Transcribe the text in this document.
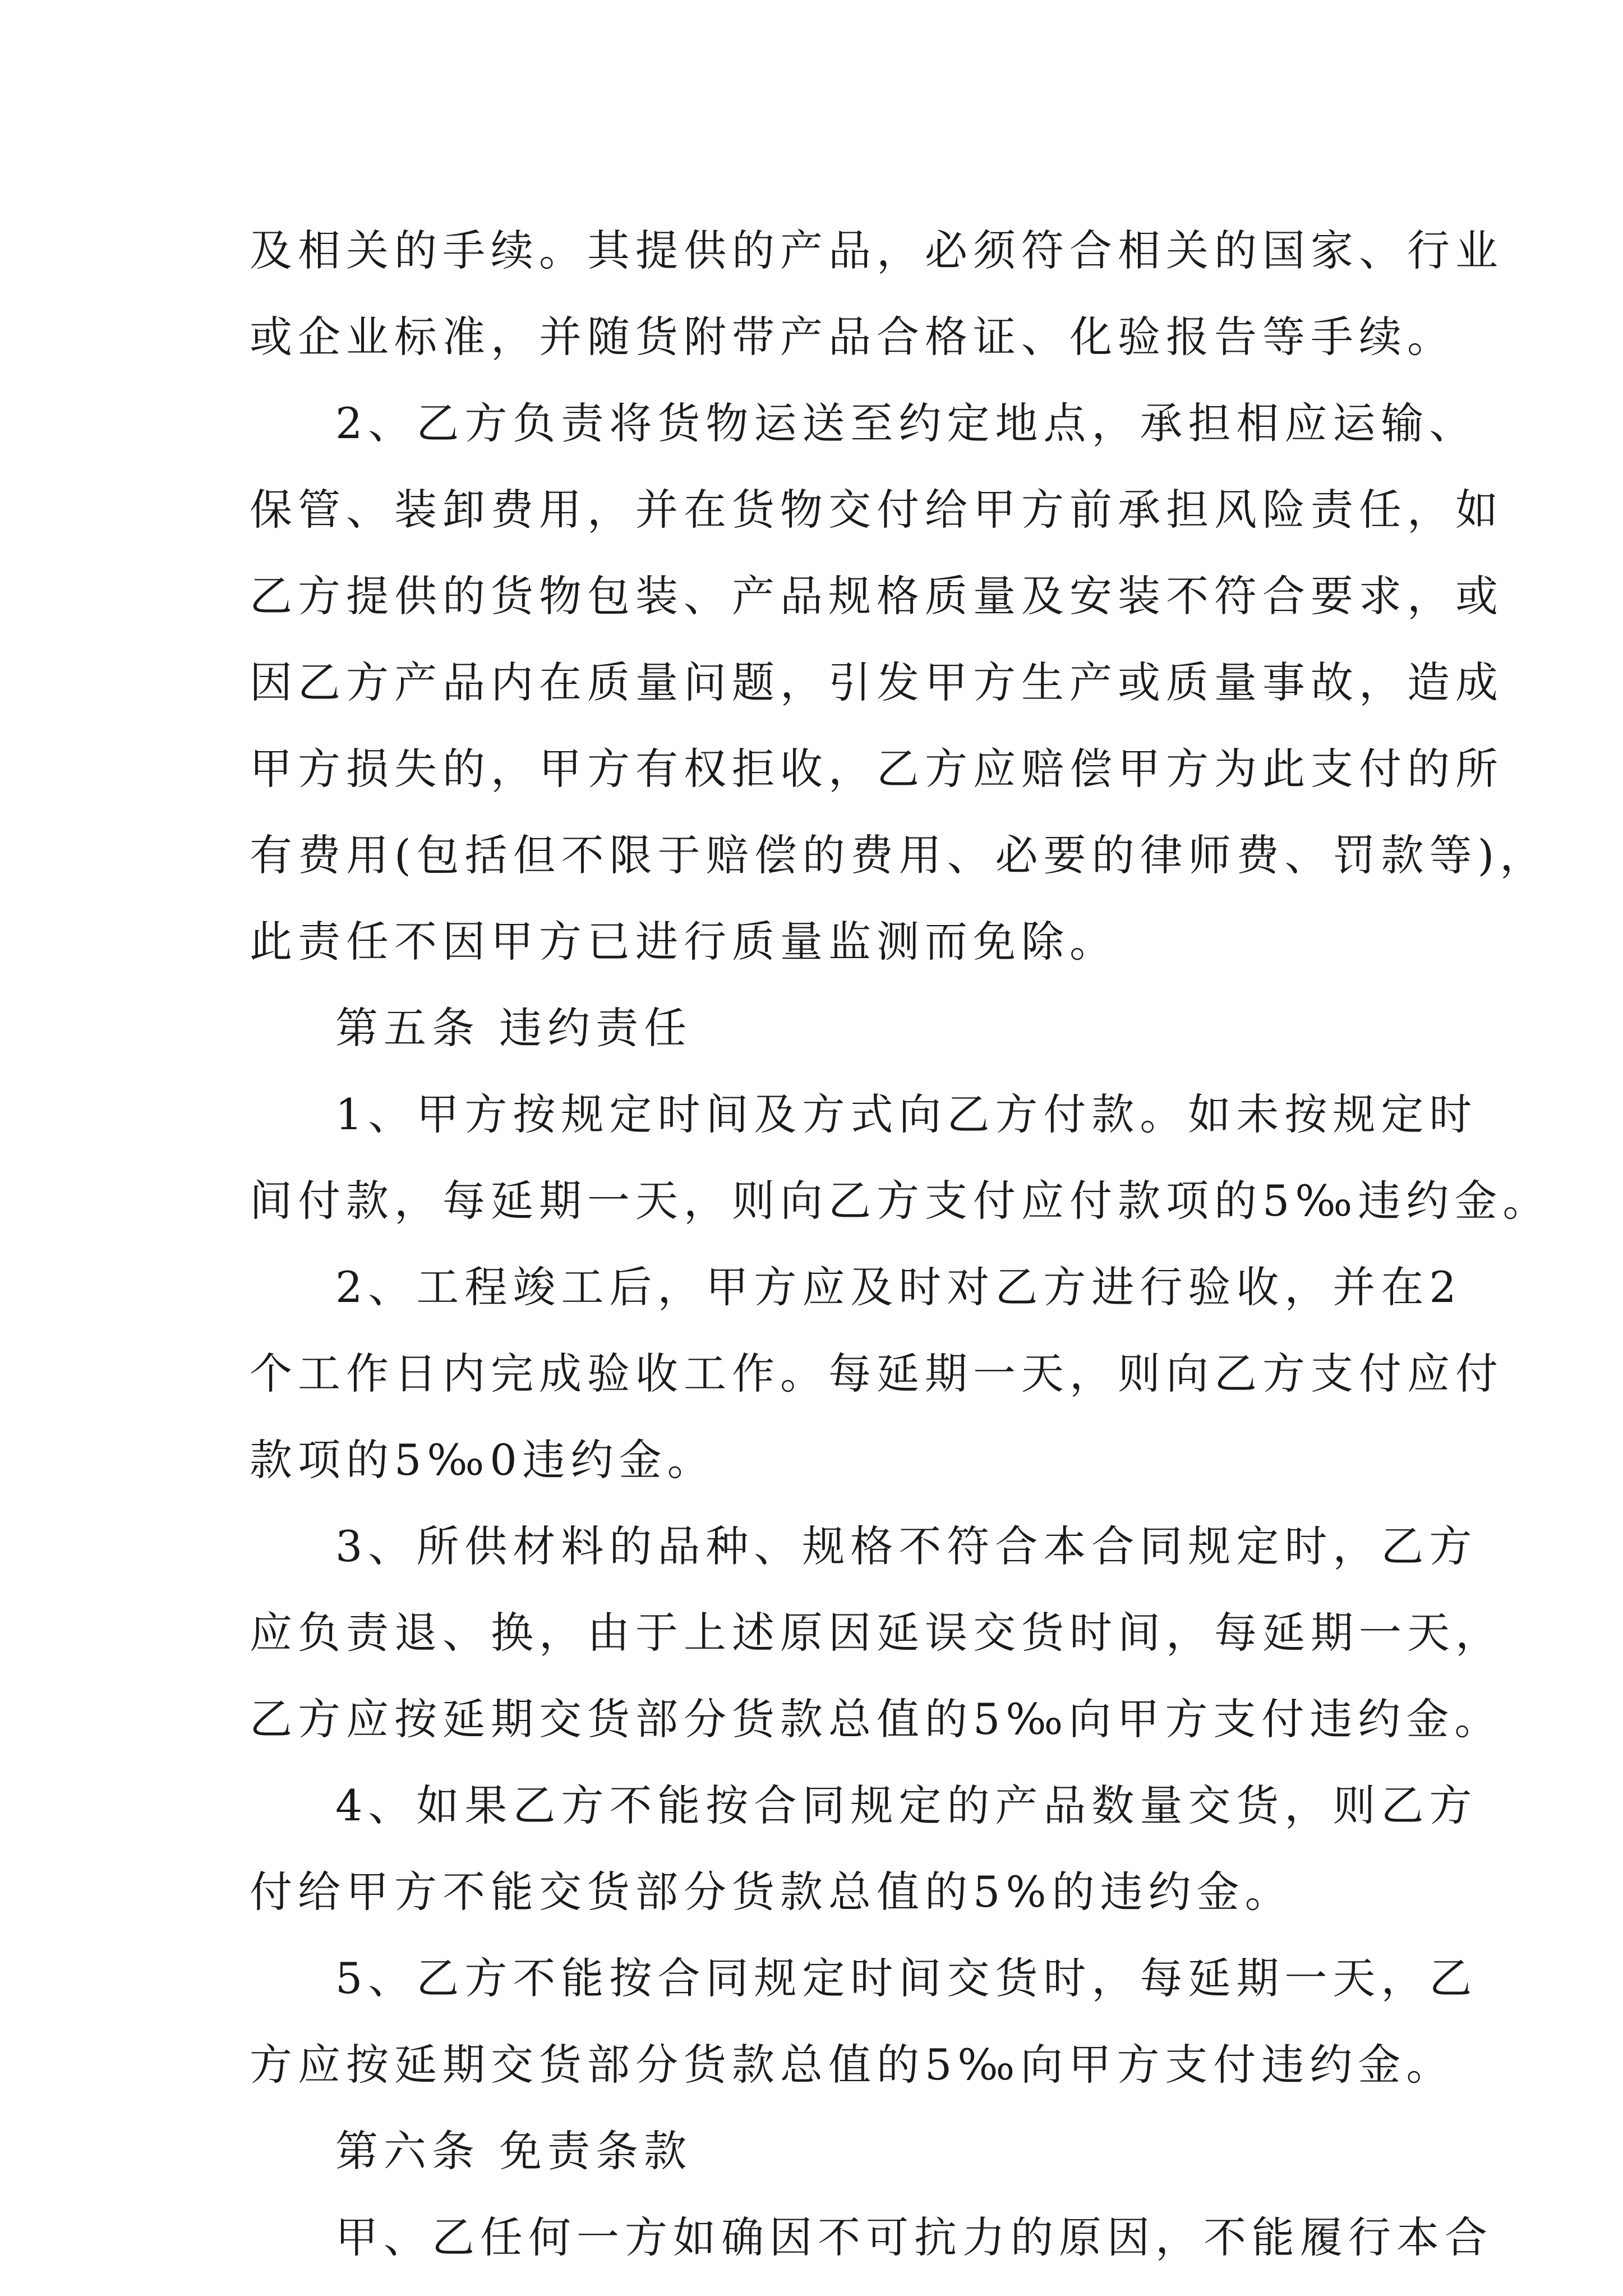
及相关的手续。其提供的产品，必须符合相关的国家、行业

或企业标准，并随货附带产品合格证、化验报告等手续。

2、乙方负责将货物运送至约定地点，承担相应运输、

保管、装卸费用，并在货物交付给甲方前承担风险责任，如

乙方提供的货物包装、产品规格质量及安装不符合要求，或

因乙方产品内在质量问题，引发甲方生产或质量事故，造成

甲方损失的，甲方有权拒收，乙方应赔偿甲方为此支付的所

有费用(包括但不限于赔偿的费用、必要的律师费、罚款等)，

此责任不因甲方已进行质量监测而免除。

第五条 违约责任

1、甲方按规定时间及方式向乙方付款。如未按规定时

间付款，每延期一天，则向乙方支付应付款项的5‰违约金。

2、工程竣工后，甲方应及时对乙方进行验收，并在2

个工作日内完成验收工作。每延期一天，则向乙方支付应付

款项的5‰0违约金。

3、所供材料的品种、规格不符合本合同规定时，乙方

应负责退、换，由于上述原因延误交货时间，每延期一天，

乙方应按延期交货部分货款总值的5‰向甲方支付违约金。

4、如果乙方不能按合同规定的产品数量交货，则乙方

付给甲方不能交货部分货款总值的5%的违约金。

5、乙方不能按合同规定时间交货时，每延期一天，乙

方应按延期交货部分货款总值的5‰向甲方支付违约金。

第六条 免责条款

甲、乙任何一方如确因不可抗力的原因，不能履行本合
